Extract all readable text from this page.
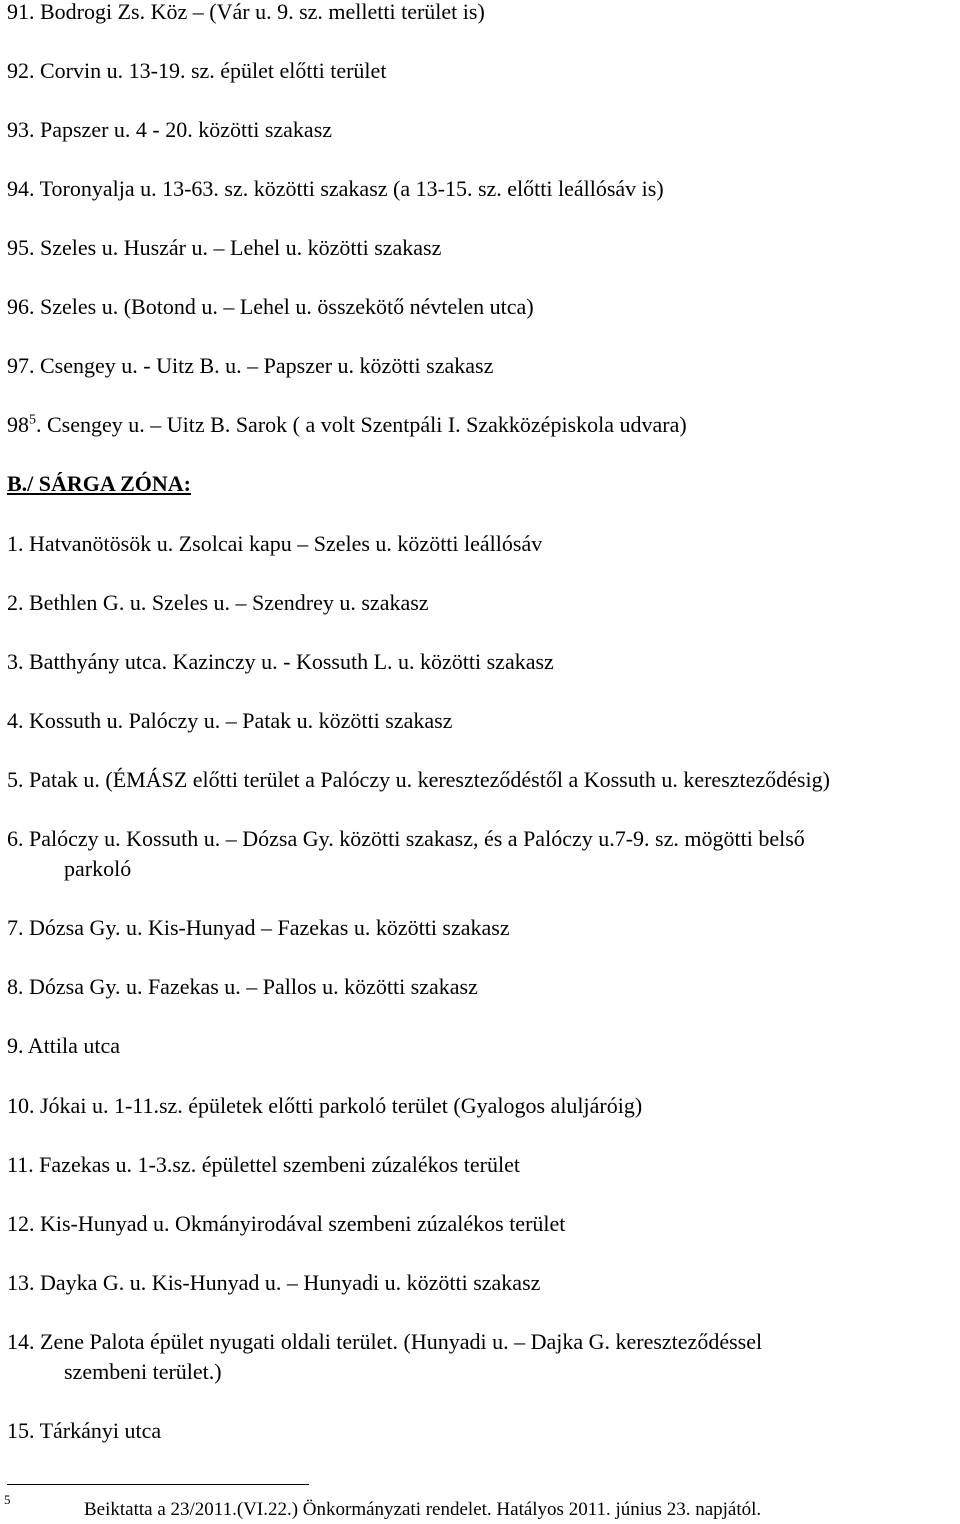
91. Bodrogi Zs. Köz – (Vár u. 9. sz. melletti terület is)
92. Corvin u. 13-19. sz. épület előtti terület
93. Papszer u. 4 - 20. közötti szakasz
94. Toronyalja u. 13-63. sz. közötti szakasz (a 13-15. sz. előtti leállósáv is)
95. Szeles u. Huszár u. – Lehel u. közötti szakasz
96. Szeles u. (Botond u. – Lehel u. összekötő névtelen utca)
97. Csengey u. - Uitz B. u. – Papszer u. közötti szakasz
$98^5$. Csengey u. – Uitz B. Sarok ( a volt Szentpáli I. Szakközépiskola udvara)
B./ SÁRGA ZÓNA:
1. Hatvanötösök u. Zsolcai kapu – Szeles u. közötti leállósáv
2. Bethlen G. u. Szeles u. – Szendrey u. szakasz
3. Batthyány utca. Kazinczy u. - Kossuth L. u. közötti szakasz
4. Kossuth u. Palóczy u. – Patak u. közötti szakasz
5. Patak u. (ÉMÁSZ előtti terület a Palóczy u. kereszteződéstől a Kossuth u. kereszteződésig)
6. Palóczy u. Kossuth u. – Dózsa Gy. közötti szakasz, és a Palóczy u.7-9. sz. mögötti belső
parkoló
7. Dózsa Gy. u. Kis-Hunyad – Fazekas u. közötti szakasz
8. Dózsa Gy. u. Fazekas u. – Pallos u. közötti szakasz
9. Attila utca
10. Jókai u. 1-11.sz. épületek előtti parkoló terület (Gyalogos aluljáróig)
11. Fazekas u. 1-3.sz. épülettel szembeni zúzalékos terület
12. Kis-Hunyad u. Okmányirodával szembeni zúzalékos terület
13. Dayka G. u. Kis-Hunyad u. – Hunyadi u. közötti szakasz
14. Zene Palota épület nyugati oldali terület. (Hunyadi u. – Dajka G. kereszteződéssel
szembeni terület.)
15. Tárkányi utca
5	Beiktatta a 23/2011.(VI.22.) Önkormányzati rendelet. Hatályos 2011. június 23. napjától.
